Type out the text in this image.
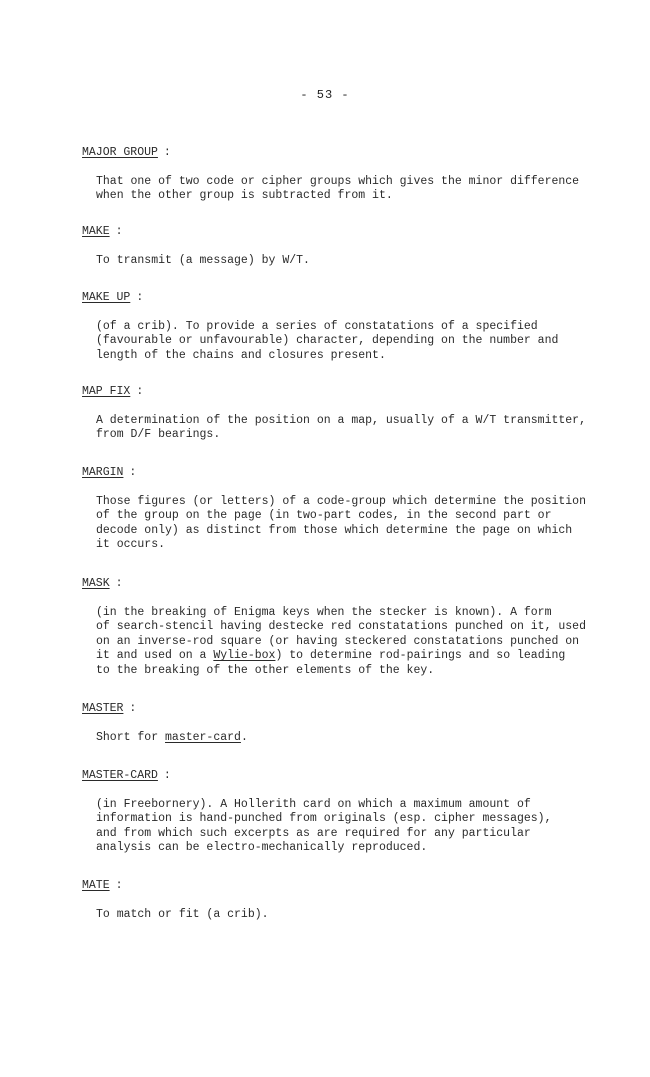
- 53 -
MAJOR GROUP :
That one of two code or cipher groups which gives the minor difference
when the other group is subtracted from it.
MAKE :
To transmit (a message) by W/T.
MAKE UP :
(of a crib). To provide a series of constatations of a specified
(favourable or unfavourable) character, depending on the number and
length of the chains and closures present.
MAP FIX :
A determination of the position on a map, usually of a W/T transmitter,
from D/F bearings.
MARGIN :
Those figures (or letters) of a code-group which determine the position
of the group on the page (in two-part codes, in the second part or
decode only) as distinct from those which determine the page on which
it occurs.
MASK :
(in the breaking of Enigma keys when the stecker is known). A form
of search-stencil having destecke red constatations punched on it, used
on an inverse-rod square (or having steckered constatations punched on
it and used on a Wylie-box) to determine rod-pairings and so leading
to the breaking of the other elements of the key.
MASTER :
Short for master-card.
MASTER-CARD :
(in Freebornery). A Hollerith card on which a maximum amount of
information is hand-punched from originals (esp. cipher messages),
and from which such excerpts as are required for any particular
analysis can be electro-mechanically reproduced.
MATE :
To match or fit (a crib).
